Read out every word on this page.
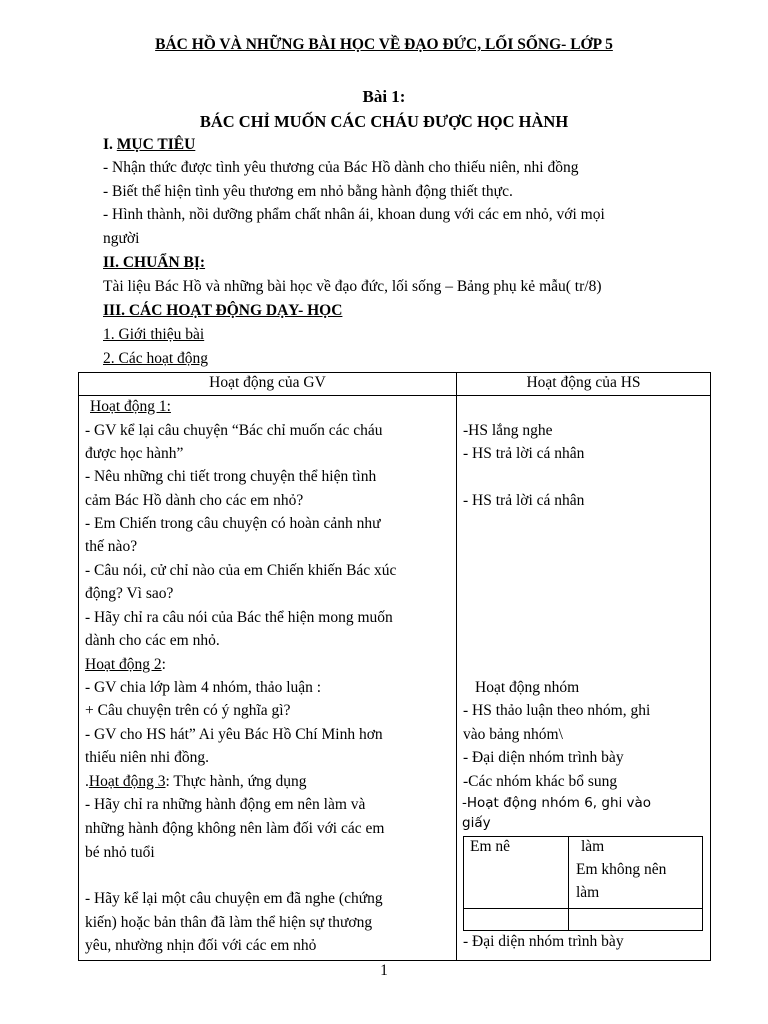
BÁC HỒ VÀ NHỮNG BÀI HỌC VỀ ĐẠO ĐỨC, LỐI SỐNG- LỚP 5
Bài 1:
BÁC CHỈ MUỐN CÁC CHÁU ĐƯỢC HỌC HÀNH
I. MỤC TIÊU
- Nhận thức được tình yêu thương của Bác Hồ dành cho thiếu niên, nhi đồng
- Biết thể hiện tình yêu thương em nhỏ bằng hành động thiết thực.
- Hình thành, nồi dưỡng phẩm chất nhân ái, khoan dung với các em nhỏ, với mọi
người
II. CHUẨN BỊ:
Tài liệu Bác Hồ và những bài học về đạo đức, lối sống – Bảng phụ kẻ mẫu( tr/8)
III. CÁC HOẠT ĐỘNG DẠY- HỌC
1. Giới thiệu bài
2. Các hoạt động
Hoạt động của GV	Hoạt động của HS
Hoạt động 1:
- GV kể lại câu chuyện “Bác chỉ muốn các cháu
được học hành”
- Nêu những chi tiết trong chuyện thể hiện tình
cảm Bác Hồ dành cho các em nhỏ?
- Em Chiến trong câu chuyện có hoàn cảnh như
thế nào?
- Câu nói, cử chỉ nào của em Chiến khiến Bác xúc
động? Vì sao?
- Hãy chỉ ra câu nói của Bác thể hiện mong muốn
dành cho các em nhỏ.
Hoạt động 2:
- GV chia lớp làm 4 nhóm, thảo luận :
+ Câu chuyện trên có ý nghĩa gì?
- GV cho HS hát” Ai yêu Bác Hồ Chí Minh hơn
thiếu niên nhi đồng.
.Hoạt động 3: Thực hành, ứng dụng
- Hãy chỉ ra những hành động em nên làm và
những hành động không nên làm đối với các em
bé nhỏ tuổi
- Hãy kể lại một câu chuyện em đã nghe (chứng
kiến) hoặc bản thân đã làm thể hiện sự thương
yêu, nhường nhịn đối với các em nhỏ
-HS lắng nghe
- HS trả lời cá nhân
- HS trả lời cá nhân
Hoạt động nhóm
- HS thảo luận theo nhóm, ghi
vào bảng nhóm\
- Đại diện nhóm trình bày
-Các nhóm khác bổ sung
-Hoạt động nhóm 6, ghi vào
giấy
Em nê	làm
Em không nên
làm
- Đại diện nhóm trình bày
1
